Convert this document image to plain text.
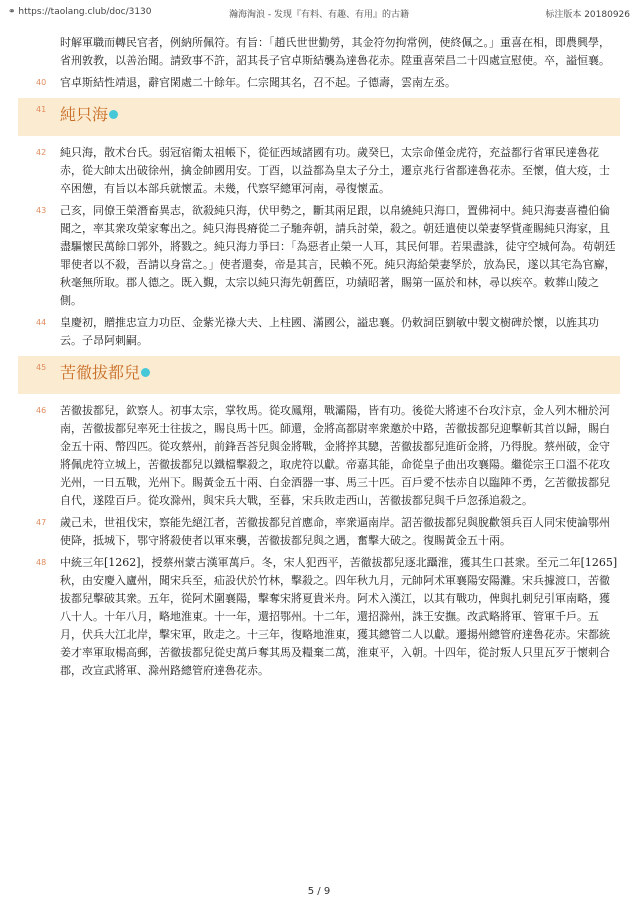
⚭ https://taolang.club/doc/3130	瀚海淘浪 - 发现『有料、有趣、有用』的古籍	标注版本 20180926
时解軍職而轉民官者，例納所佩符。有旨：「趙氏世世勤勞，其金符勿拘常例，使終佩之。」重喜在相，即農興學，省刑敦教，以善治聞。請致事不許，詔其長子官卓斯結襲為達魯花赤。陞重喜荣昌二十四處宣慰使。卒，謚恒襄。
40 官卓斯結性靖退，辭官閑處二十餘年。仁宗聞其名，召不起。子德壽，雲南左丞。
41 純只海
42 純只海，散术台氏。弱冠宿衛太祖帳下，從征西域諸國有功。歲癸巳，太宗命僅金虎符，充益都行省軍民達魯花赤，從大帥太出破徐州，擒金帥國用安。丁酉，以益都為皇太子分土，遷京兆行省都達魯花赤。至懷，值大疫，士卒困憊，有旨以本部兵就懷孟。未幾，代察罕總軍河南，尋復懷孟。
43 己亥，同僚王榮潛畜異志，欲殺純只海，伏甲勢之，斷其兩足跟，以帛繞純只海口，置佛祠中。純只海妻喜禮伯倫聞之，率其衆攻榮家奪出之。純只海畏瘠從二子馳奔朝，請兵討榮，殺之。朝廷遣使以榮妻孥貲產賜純只海家，且盡驅懷民萬餘口郭外，將戮之。純只海力爭曰：「為惡者止榮一人耳，其民何罪。若果盡誅，徒守空城何為。苟朝廷罪使者以不殺，吾請以身當之。」使者還奏，帝是其言，民賴不死。純只海給榮妻孥於，放為民，遂以其宅為官廨，秋毫無所取。郡人德之。既入覲，太宗以純只海先朝舊臣，功績昭著，賜第一區於和林，尋以疾卒。敕葬山陵之側。
44 皇慶初，贈推忠宣力功臣、金紫光祿大夫、上柱國、滿國公，謚忠襄。仍敕詞臣劉敏中製文樹碑於懷，以旌其功云。子昂阿刺嗣。
45 苦徹拔都兒
46 苦徹拔都兒，欽察人。初事太宗，掌牧馬。從攻鳳翔，戰灞陽，皆有功。後從大將速不台攻汴京，金人列木柵於河南，苦徹拔都兒率死士往拔之，賜良馬十匹。師還，金將高都尉率衆邀於中路，苦徹拔都兒迎擊斬其首以歸，賜白金五十兩、幣四匹。從攻蔡州，前鋒吾荅兒與金將戰，金將捽其驄，苦徹拔都兒進斫金將，乃得脫。蔡州破，金守將佩虎符立城上，苦徹拔都兒以鐵檔擊殺之，取虎符以獻。帝嘉其能，命從皇子曲出攻襄陽。繼從宗王口溫不花攻光州，一日五戰，光州下。賜黃金五十兩、白金酒器一事、馬三十匹。百戶愛不怯赤自以臨陣不勇，乞苦徹拔都兒自代，遂陞百戶。從攻滁州，與宋兵大戰，至暮，宋兵敗走西山，苦徹拔都兒與千戶忽孫追殺之。
47 歲己未，世祖伐宋，察能先絕江者，苦徹拔都兒首應命，率衆逼南岸。詔苦徹拔都兒與脫歡領兵百人同宋使論鄂州使降，抵城下，鄂守將殺使者以軍來襲，苦徹拔都兒與之遇，奮擊大破之。復賜黃金五十兩。
48 中統三年[1262]，授蔡州蒙古漢軍萬戶。冬，宋人犯西平，苦徹拔都兒逐北躡淮，獲其生口甚衆。至元二年[1265]秋，由安慶入廬州，聞宋兵至，疝設伏於竹林，擊殺之。四年秋九月，元帥阿术軍襄陽安陽灘。宋兵據渡口，苦徹拔都兒擊破其衆。五年，從阿术圍襄陽，擊奪宋將夏貴米舟。阿术入漢江，以其有戰功，俾與扎刺兒引軍南略，獲八十人。十年八月，略地淮東。十一年，還招鄂州。十二年，還招滁州，誅王安撫。改武略將軍、管軍千戶。五月，伏兵大江北岸，擊宋軍，敗走之。十三年，復略地淮東，獲其總管二人以獻。遷揚州總管府達魯花赤。宋都統姜才率軍取楊高郵，苦徹拔都兒從史萬戶奪其馬及糧棄二萬，淮東平，入朝。十四年，從討叛人只里瓦歹于懷剌合郡，改宣武將軍、滁州路總管府達魯花赤。
5 / 9
